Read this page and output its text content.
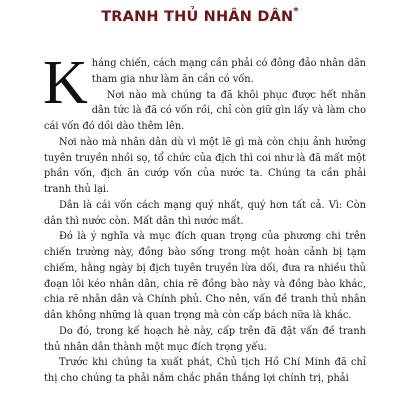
TRANH THỦ NHÂN DÂN*

Kháng chiến, cách mạng cần phải có đông đảo nhân dân tham gia như làm ăn cần có vốn.

Nơi nào mà chúng ta đã khôi phục được hết nhân dân tức là đã có vốn rồi, chỉ còn giữ gìn lấy và làm cho cái vốn đó dồi dào thêm lên.

Nơi nào mà nhân dân dù vì một lẽ gì mà còn chịu ảnh hưởng tuyên truyền nhồi sọ, tổ chức của địch thì coi như là đã mất một phần vốn, địch ăn cướp vốn của nước ta. Chúng ta cần phải tranh thủ lại.

Dân là cái vốn cách mạng quý nhất, quý hơn tất cả. Vì: Còn dân thì nước còn. Mất dân thì nước mất.

Đó là ý nghĩa và mục đích quan trọng của phương chi trên chiến trường này, đồng bào sống trong một hoàn cảnh bị tạm chiếm, hằng ngày bị địch tuyên truyền lừa dối, đưa ra nhiều thủ đoạn lôi kéo nhân dân, chia rẽ đồng bào này và đồng bào khác, chia rẽ nhân dân và Chính phủ. Cho nên, vấn đề tranh thủ nhân dân không những là quan trọng mà còn cấp bách nữa là khác.

Do đó, trong kế hoạch hè này, cấp trên đã đặt vấn đề tranh thủ nhân dân thành một mục đích trọng yếu.

Trước khi chúng ta xuất phát, Chủ tịch Hồ Chí Minh đã chỉ thị cho chúng ta phải nắm chắc phần thắng lợi chính trị, phải
